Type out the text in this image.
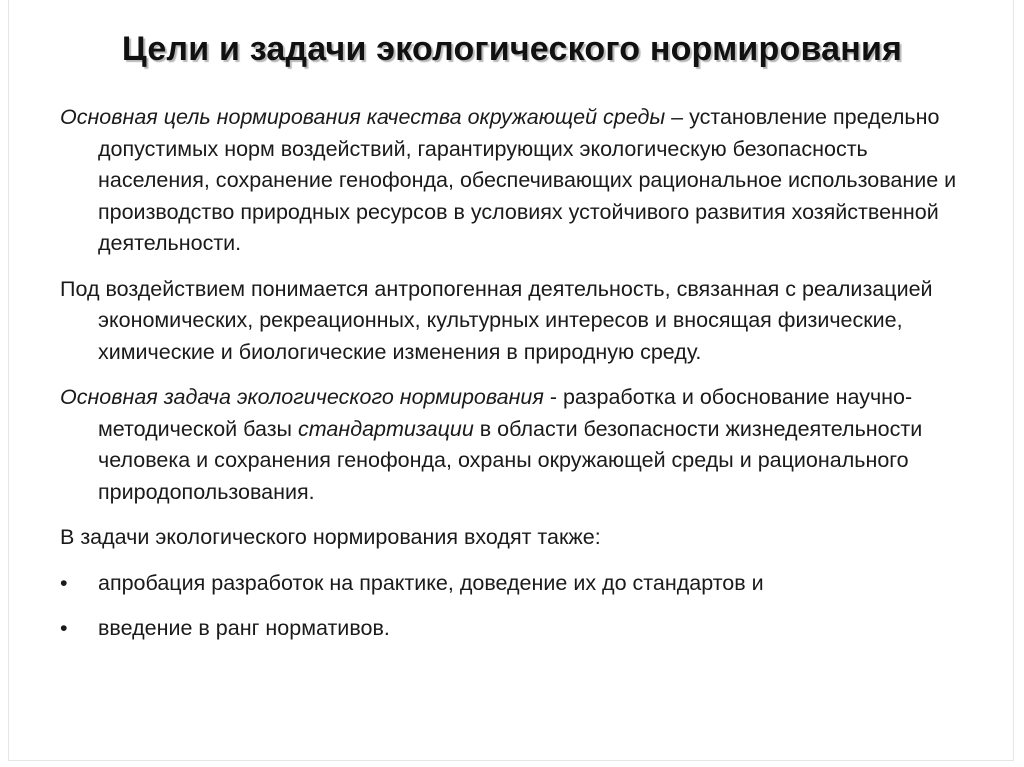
Цели и задачи экологического нормирования

Основная цель нормирования качества окружающей среды – установление предельно допустимых норм воздействий, гарантирующих экологическую безопасность населения, сохранение генофонда, обеспечивающих рациональное использование и производство природных ресурсов в условиях устойчивого развития хозяйственной деятельности.

Под воздействием понимается антропогенная деятельность, связанная с реализацией экономических, рекреационных, культурных интересов и вносящая физические, химические и биологические изменения в природную среду.

Основная задача экологического нормирования - разработка и обоснование научно-методической базы стандартизации в области безопасности жизнедеятельности человека и сохранения генофонда, охраны окружающей среды и рационального природопользования.

В задачи экологического нормирования входят также:

• апробация разработок на практике, доведение их до стандартов и
• введение в ранг нормативов.
